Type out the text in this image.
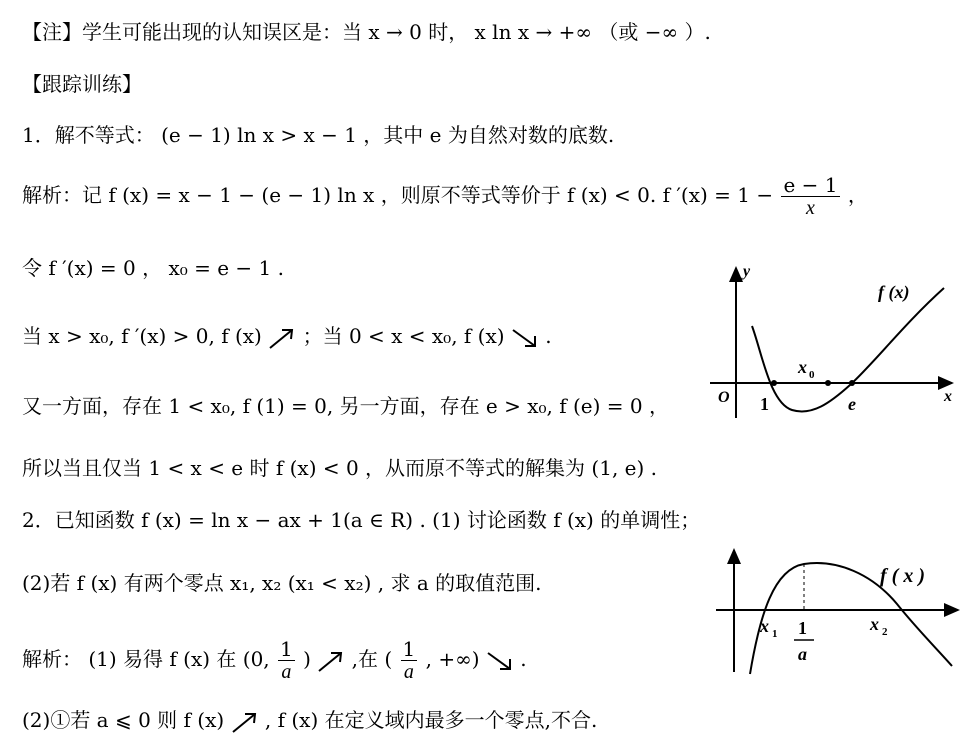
【注】学生可能出现的认知误区是：当 x → 0 时， x ln x → +∞ （或 −∞ ）.
【跟踪训练】
1．解不等式： (e − 1) ln x > x − 1 ，其中 e 为自然对数的底数.
解析：记 f (x) = x − 1 − (e − 1) ln x ，则原不等式等价于 f (x) < 0. f $'(x) = 1 - \frac{e - 1}{x}$ ，
令 f ′(x) = 0 ， x₀ = e − 1 .
当 x > x₀, f ′(x) > 0, f (x) ；当 0 < x < x₀, f (x) .
又一方面，存在 1 < x₀, f (1) = 0, 另一方面，存在 e > x₀, f (e) = 0 ，
所以当且仅当 1 < x < e 时 f (x) < 0 ，从而原不等式的解集为 (1, e) .
2．已知函数 f (x) = ln x − ax + 1(a ∈ R) . (1) 讨论函数 f (x) 的单调性；
(2)若 f (x) 有两个零点 x₁, x₂ (x₁ < x₂) , 求 a 的取值范围.
解析： (1) 易得 f (x) 在 (0, $\frac{1}{a}$ ) ,在 ( $\frac{1}{a}$ , +∞) .
(2)①若 a ⩽ 0 则 f (x) , f (x) 在定义域内最多一个零点,不合.
y
x
O 1	e
x 0
f (x)
f ( x )
x 1	x 2
1
a
